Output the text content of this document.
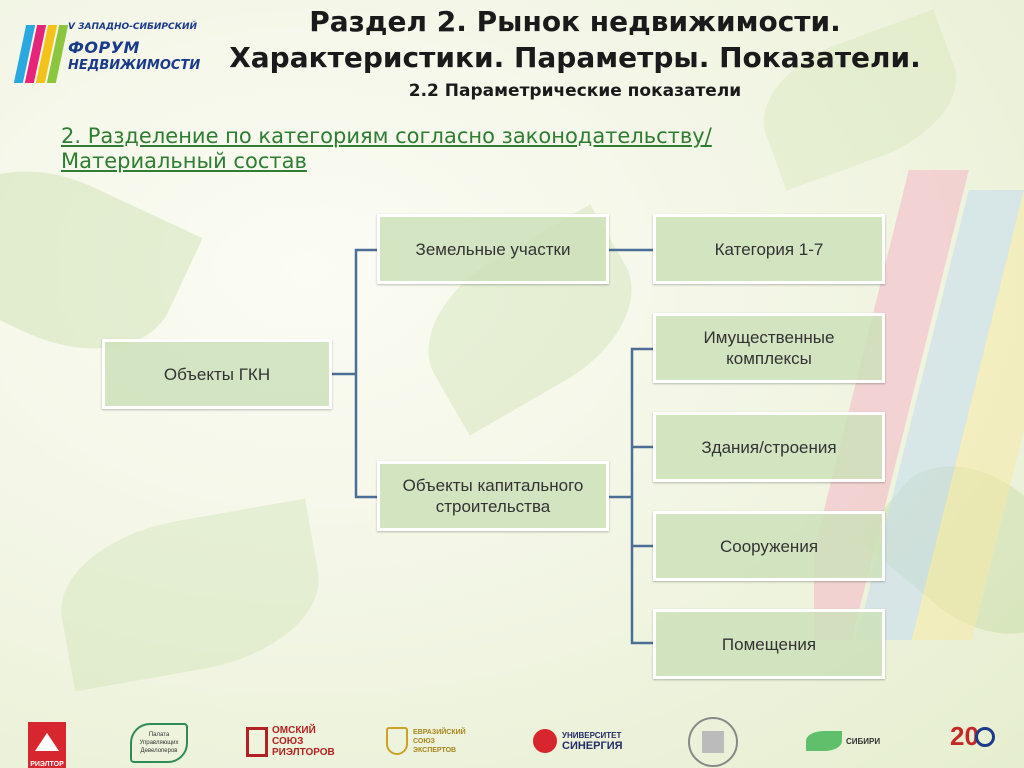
V ЗАПАДНО-СИБИРСКИЙ
ФОРУМ
НЕДВИЖИМОСТИ
Раздел 2. Рынок недвижимости.
Характеристики. Параметры. Показатели.
2.2 Параметрические показатели
2. Разделение по категориям согласно законодательству/
Материальный состав
Объекты ГКН
Земельные участки	Категория 1-7
Объекты капитального строительства
Имущественные комплексы
Здания/строения
Сооружения
Помещения
РИЭЛТОР
Палата Управляющих Девелоперов
ОМСКИЙ
СОЮЗ
РИЭЛТОРОВ
ЕВРАЗИЙСКИЙ
СОЮЗ
ЭКСПЕРТОВ
УНИВЕРСИТЕТ
СИНЕРГИЯ	СИБИРИ	20
